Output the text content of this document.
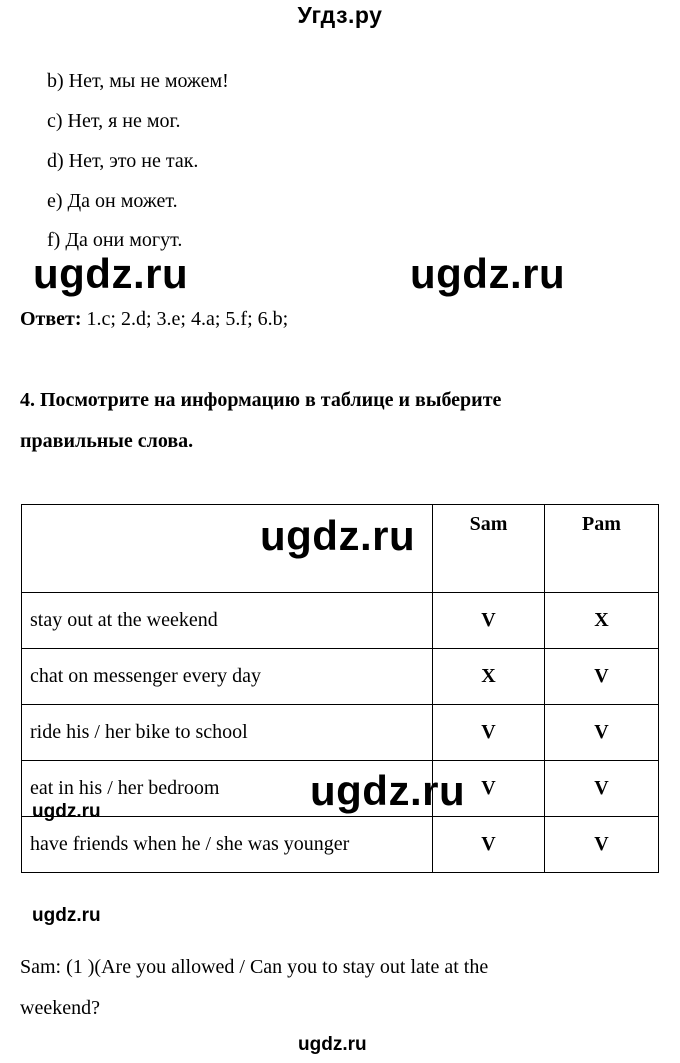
Угдз.ру
b) Нет, мы не можем!
c) Нет, я не мог.
d) Нет, это не так.
e) Да он может.
f) Да они могут.
ugdz.ru	ugdz.ru
Ответ: 1.c; 2.d; 3.e; 4.a; 5.f; 6.b;
4. Посмотрите на информацию в таблице и выберите
правильные слова.
	Sam	Pam
stay out at the weekend	V	X
chat on messenger every day	X	V
ride his / her bike to school	V	V
eat in his / her bedroom	V	V
have friends when he / she was younger	V	V
ugdz.ru
ugdz.ru
ugdz.ru
ugdz.ru
Sam: (1 )(Are you allowed / Can you to stay out late at the
weekend?
ugdz.ru
